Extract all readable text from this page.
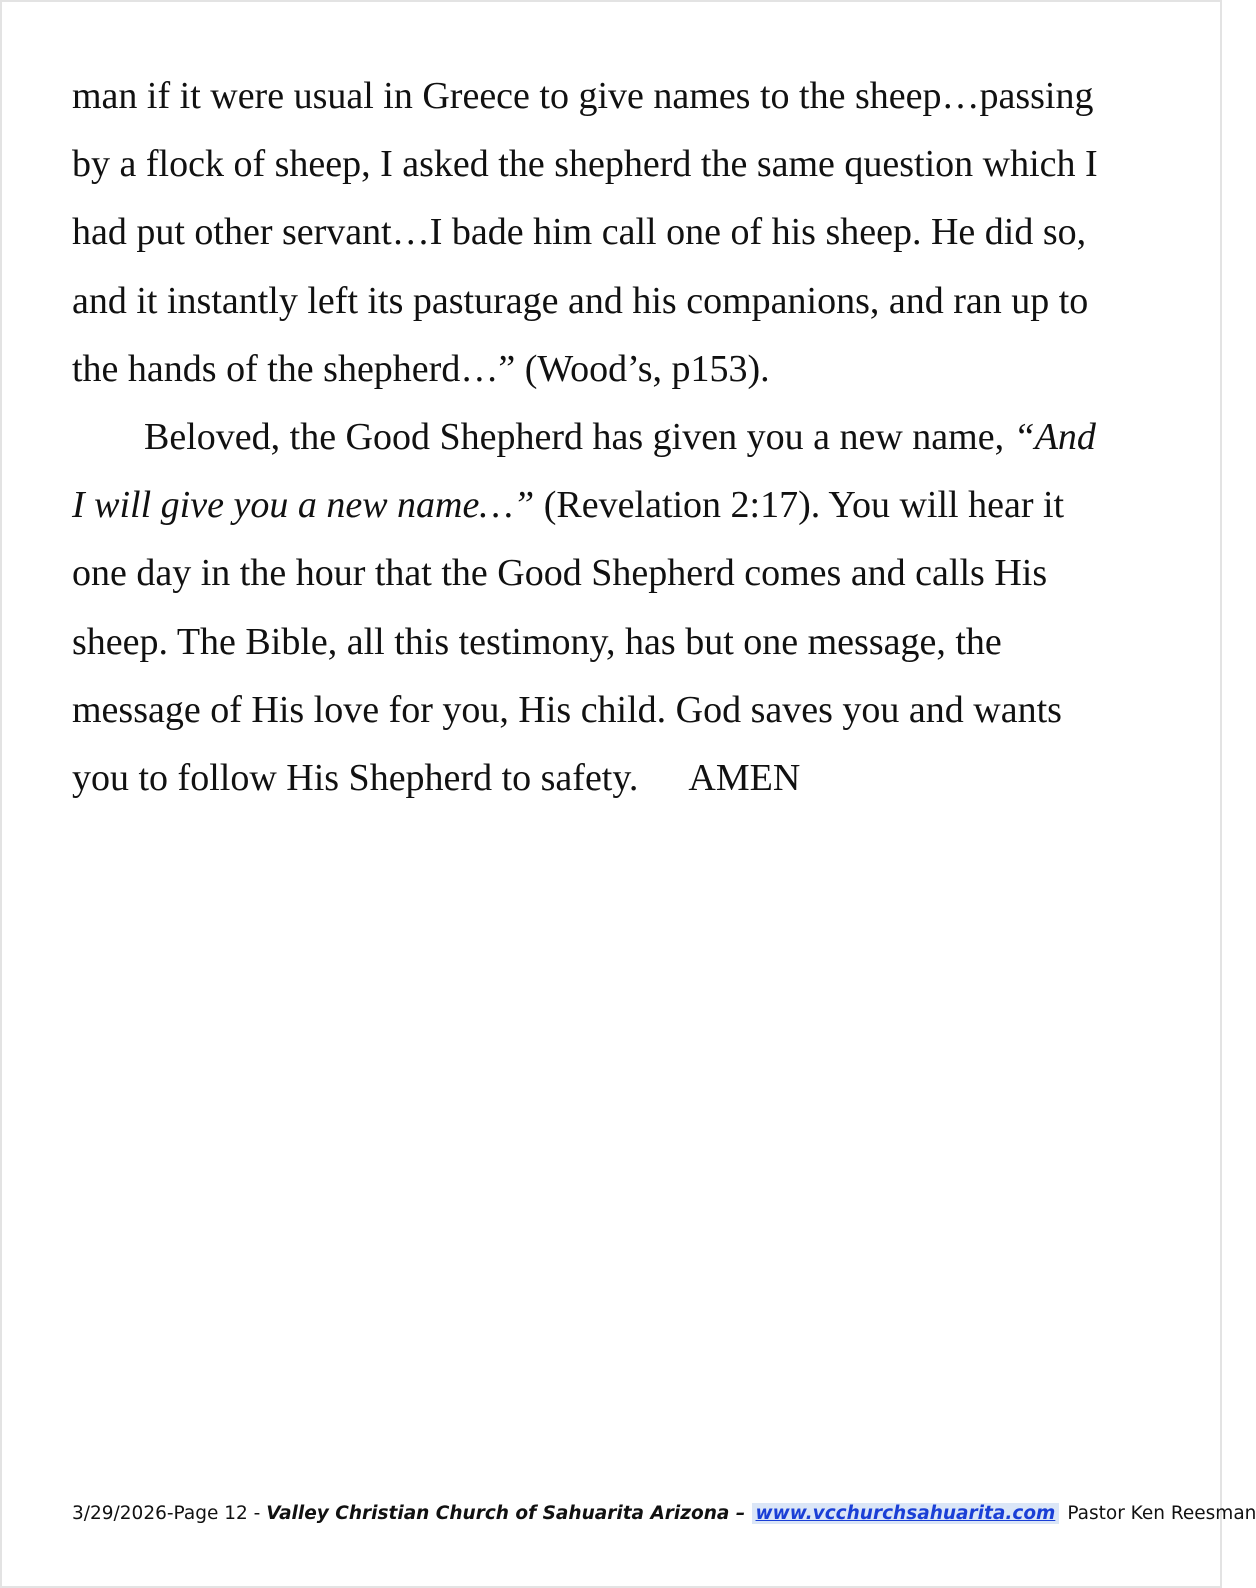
man if it were usual in Greece to give names to the sheep…passing
by a flock of sheep, I asked the shepherd the same question which I
had put other servant…I bade him call one of his sheep. He did so,
and it instantly left its pasturage and his companions, and ran up to
the hands of the shepherd…” (Wood’s, p153).

Beloved, the Good Shepherd has given you a new name, “And
I will give you a new name…” (Revelation 2:17). You will hear it
one day in the hour that the Good Shepherd comes and calls His
sheep. The Bible, all this testimony, has but one message, the
message of His love for you, His child. God saves you and wants
you to follow His Shepherd to safety. AMEN

3/29/2026-Page 12 - Valley Christian Church of Sahuarita Arizona – www.vcchurchsahuarita.com Pastor Ken Reesman
